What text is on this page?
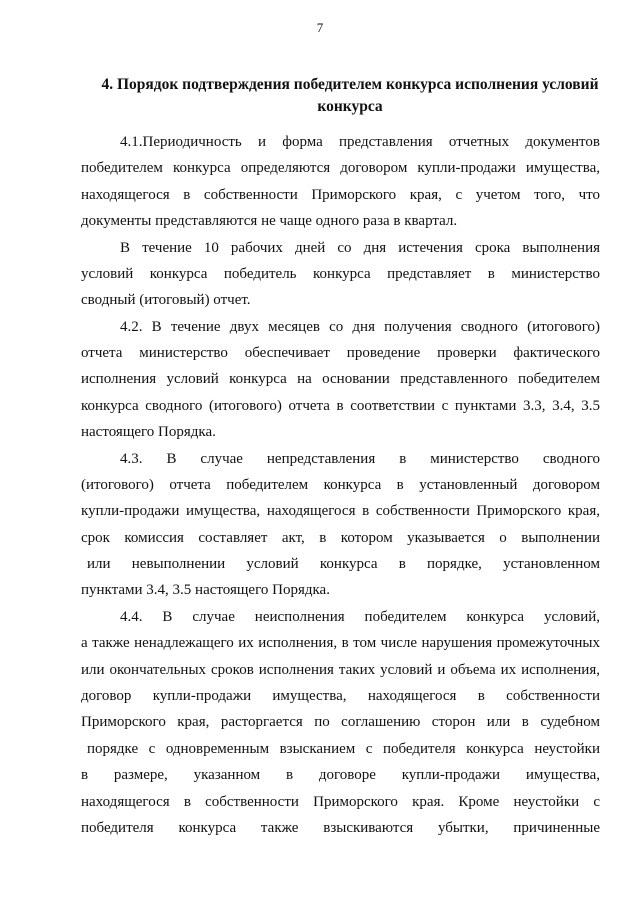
7
4. Порядок подтверждения победителем конкурса исполнения условий
конкурса
4.1.Периодичность и форма представления отчетных документов
победителем конкурса определяются договором купли-продажи имущества,
находящегося в собственности Приморского края, с учетом того, что
документы представляются не чаще одного раза в квартал.
В течение 10 рабочих дней со дня истечения срока выполнения
условий конкурса победитель конкурса представляет в министерство
сводный (итоговый) отчет.
4.2. В течение двух месяцев со дня получения сводного (итогового)
отчета министерство обеспечивает проведение проверки фактического
исполнения условий конкурса на основании представленного победителем
конкурса сводного (итогового) отчета в соответствии с пунктами 3.3, 3.4, 3.5
настоящего Порядка.
4.3. В случае непредставления в министерство сводного
(итогового) отчета победителем конкурса в установленный договором
купли-продажи имущества, находящегося в собственности Приморского края,
срок комиссия составляет акт, в котором указывается о выполнении
или невыполнении условий конкурса в порядке, установленном
пунктами 3.4, 3.5 настоящего Порядка.
4.4. В случае неисполнения победителем конкурса условий,
а также ненадлежащего их исполнения, в том числе нарушения промежуточных
или окончательных сроков исполнения таких условий и объема их исполнения,
договор купли-продажи имущества, находящегося в собственности
Приморского края, расторгается по соглашению сторон или в судебном
порядке с одновременным взысканием с победителя конкурса неустойки
в размере, указанном в договоре купли-продажи имущества,
находящегося в собственности Приморского края. Кроме неустойки с
победителя конкурса также взыскиваются убытки, причиненные
